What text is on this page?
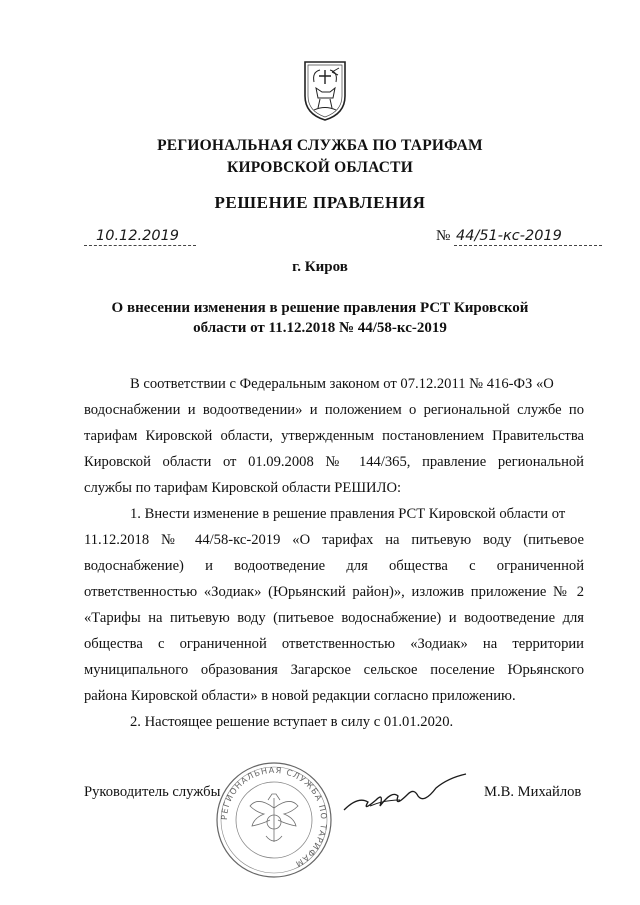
РЕГИОНАЛЬНАЯ СЛУЖБА ПО ТАРИФАМ
КИРОВСКОЙ ОБЛАСТИ
РЕШЕНИЕ ПРАВЛЕНИЯ
10.12.2019	№ 44/51-кс-2019
г. Киров
О внесении изменения в решение правления РСТ Кировской
области от 11.12.2018 № 44/58-кс-2019
В соответствии с Федеральным законом от 07.12.2011 № 416-ФЗ «О
водоснабжении и водоотведении» и положением о региональной службе по
тарифам Кировской области, утвержденным постановлением Правительства
Кировской области от 01.09.2008 № 144/365, правление региональной
службы по тарифам Кировской области РЕШИЛО:
1. Внести изменение в решение правления РСТ Кировской области от
11.12.2018 № 44/58-кс-2019 «О тарифах на питьевую воду (питьевое
водоснабжение) и водоотведение для общества с ограниченной
ответственностью «Зодиак» (Юрьянский район)», изложив приложение № 2
«Тарифы на питьевую воду (питьевое водоснабжение) и водоотведение для
общества с ограниченной ответственностью «Зодиак» на территории
муниципального образования Загарское сельское поселение Юрьянского
района Кировской области» в новой редакции согласно приложению.
2. Настоящее решение вступает в силу с 01.01.2020.
РЕГИОНАЛЬНАЯ СЛУЖБА ПО ТАРИФАМ
Руководитель службы	М.В. Михайлов
